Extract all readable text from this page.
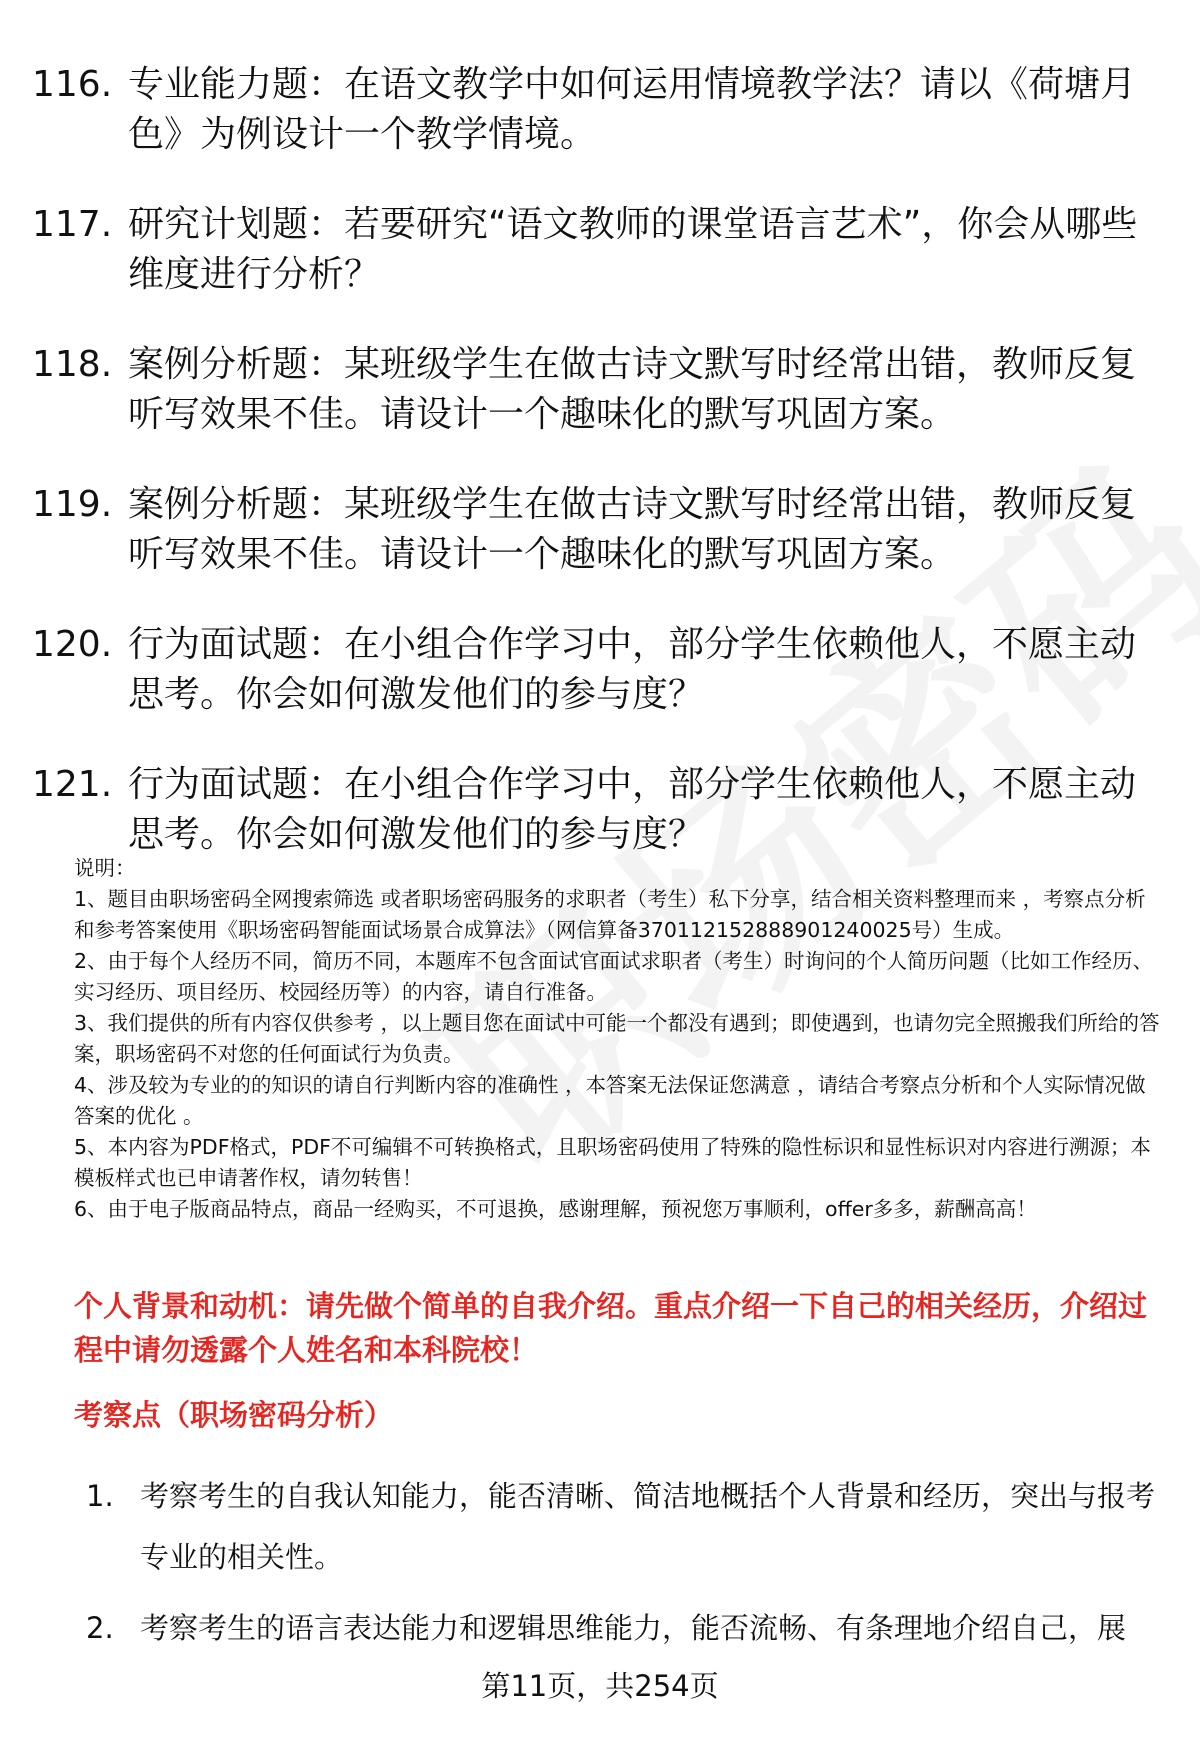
116. 专业能力题：在语文教学中如何运用情境教学法？请以《荷塘月色》为例设计一个教学情境。
117. 研究计划题：若要研究“语文教师的课堂语言艺术”，你会从哪些维度进行分析？
118. 案例分析题：某班级学生在做古诗文默写时经常出错，教师反复听写效果不佳。请设计一个趣味化的默写巩固方案。
119. 案例分析题：某班级学生在做古诗文默写时经常出错，教师反复听写效果不佳。请设计一个趣味化的默写巩固方案。
120. 行为面试题：在小组合作学习中，部分学生依赖他人，不愿主动思考。你会如何激发他们的参与度？
121. 行为面试题：在小组合作学习中，部分学生依赖他人，不愿主动思考。你会如何激发他们的参与度？

说明：

1、题目由职场密码全网搜索筛选 或者职场密码服务的求职者（考生）私下分享，结合相关资料整理而来 ，考察点分析和参考答案使用《职场密码智能面试场景合成算法》（网信算备370112152888901240025号）生成。

2、由于每个人经历不同，简历不同，本题库不包含面试官面试求职者（考生）时询问的个人简历问题（比如工作经历、实习经历、项目经历、校园经历等）的内容，请自行准备。

3、我们提供的所有内容仅供参考 ，以上题目您在面试中可能一个都没有遇到；即使遇到，也请勿完全照搬我们所给的答案，职场密码不对您的任何面试行为负责。

4、涉及较为专业的的知识的请自行判断内容的准确性 ，本答案无法保证您满意 ，请结合考察点分析和个人实际情况做答案的优化 。

5、本内容为PDF格式，PDF不可编辑不可转换格式，且职场密码使用了特殊的隐性标识和显性标识对内容进行溯源；本模板样式也已申请著作权，请勿转售！

6、由于电子版商品特点，商品一经购买，不可退换，感谢理解，预祝您万事顺利，offer多多，薪酬高高！

个人背景和动机：请先做个简单的自我介绍。重点介绍一下自己的相关经历，介绍过程中请勿透露个人姓名和本科院校！
考察点（职场密码分析）
1. 考察考生的自我认知能力，能否清晰、简洁地概括个人背景和经历，突出与报考专业的相关性。
2. 考察考生的语言表达能力和逻辑思维能力，能否流畅、有条理地介绍自己，展
第11页，共254页
